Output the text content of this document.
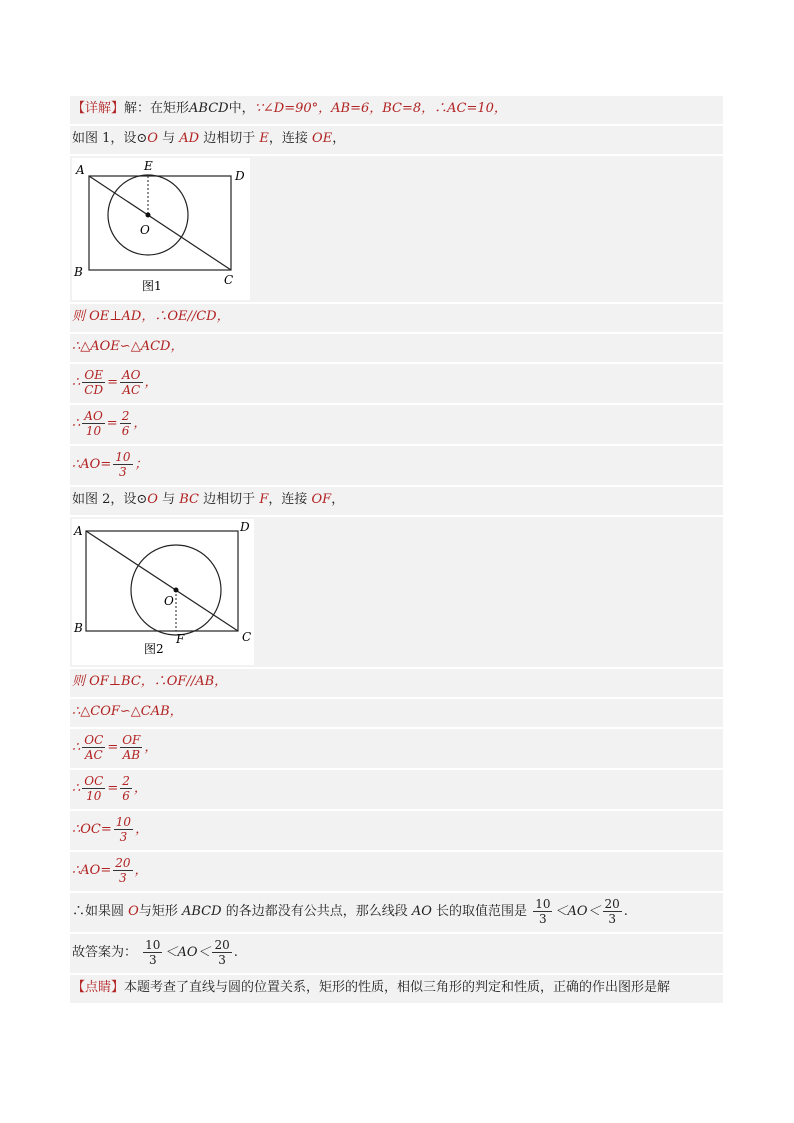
【详解】解：在矩形ABCD中，∵∠D=90°，AB=6，BC=8，∴AC=10，
如图 1，设⊙O 与 AD 边相切于 E，连接 OE，
A	D
E
O
B
C
图1
则 OE⊥AD，∴OE//CD，
∴△AOE∽△ACD，
∴ $\frac{OE}{CD} = \frac{AO}{AC}$ ，
∴ $\frac{AO}{10} = \frac{2}{6}$ ，
∴AO= $\frac{10}{3}$ ；
如图 2，设⊙O 与 BC 边相切于 F，连接 OF，
A	D
O
B
C
F
图2
则 OF⊥BC，∴OF//AB，
∴△COF∽△CAB，
∴ $\frac{OC}{AC} = \frac{OF}{AB}$ ，
∴ $\frac{OC}{10} = \frac{2}{6}$ ，
∴OC= $\frac{10}{3}$ ，
∴AO= $\frac{20}{3}$ ，
∴如果圆 O与矩形 ABCD 的各边都没有公共点，那么线段 AO 长的取值范围是 $\frac{10}{3} <AO< \frac{20}{3}$ .
故答案为： $\frac{10}{3} <AO< \frac{20}{3}$ .
【点睛】本题考查了直线与圆的位置关系，矩形的性质，相似三角形的判定和性质，正确的作出图形是解
